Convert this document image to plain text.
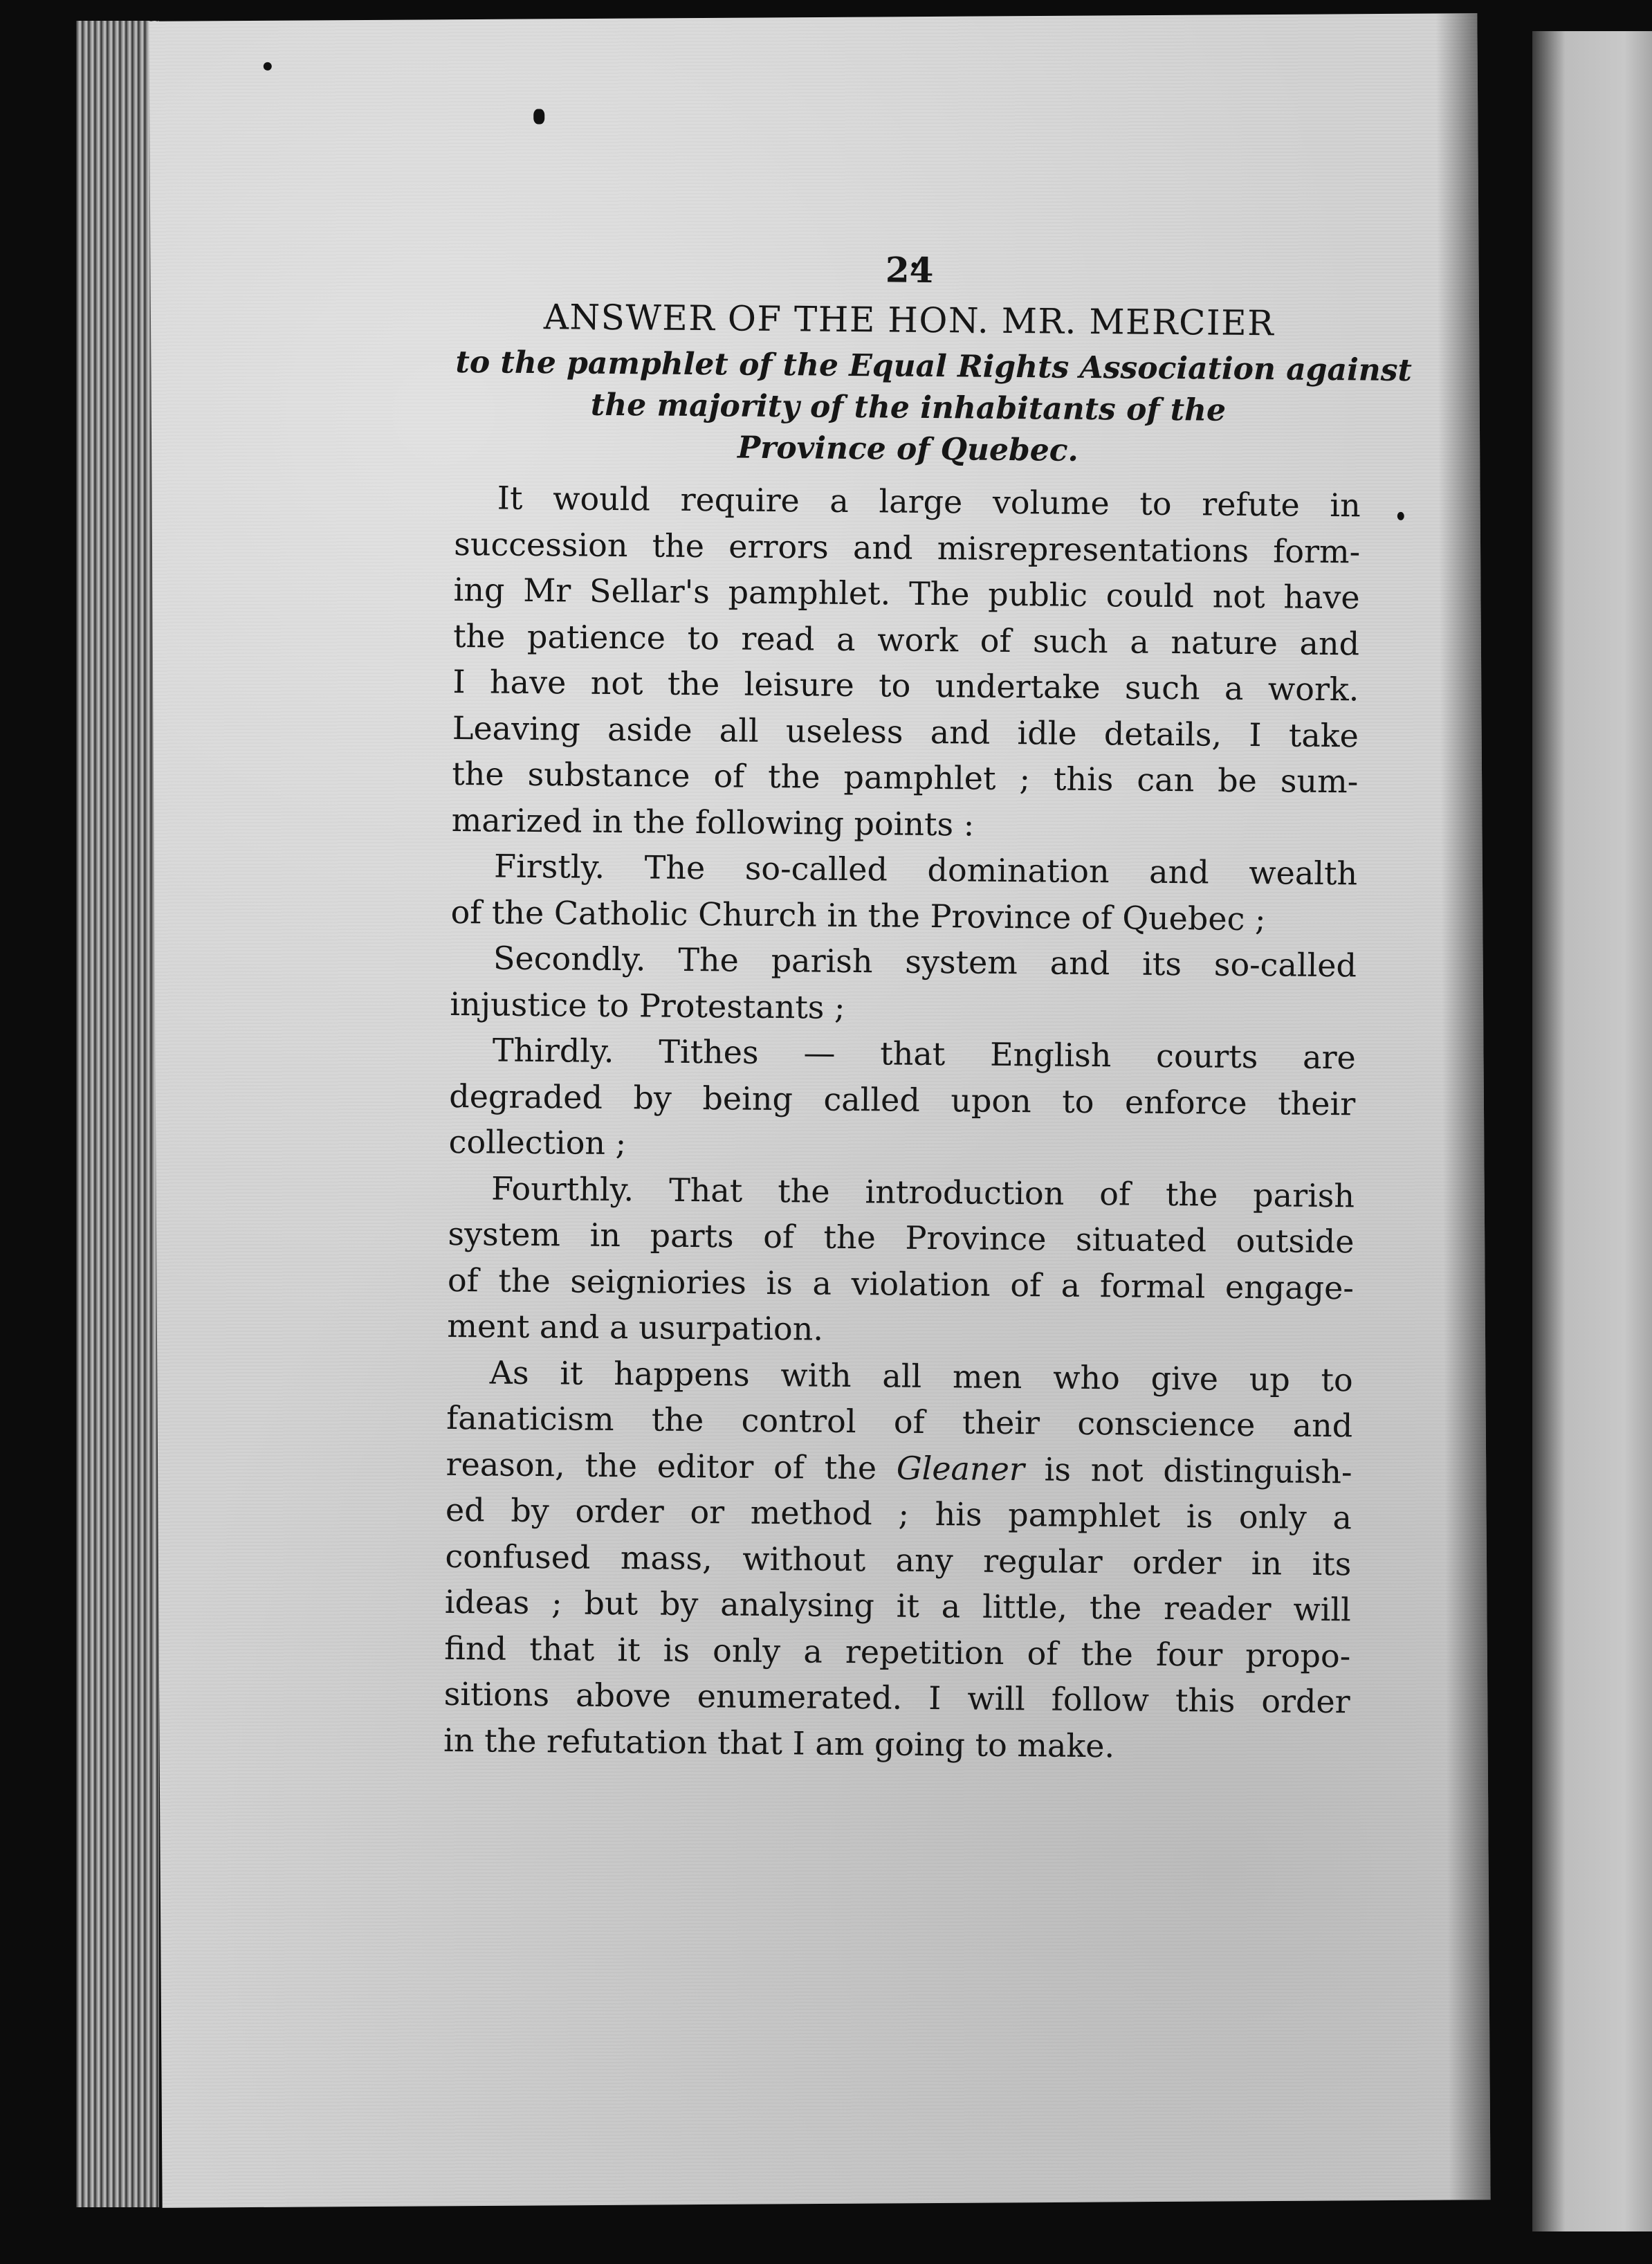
24
ANSWER OF THE HON. MR. MERCIER
to the pamphlet of the Equal Rights Association against
the majority of the inhabitants of the
Province of Quebec.

It would require a large volume to refute in
succession the errors and misrepresentations form-
ing Mr Sellar's pamphlet. The public could not have
the patience to read a work of such a nature and
I have not the leisure to undertake such a work.
Leaving aside all useless and idle details, I take
the substance of the pamphlet ; this can be sum-
marized in the following points :

Firstly. The so-called domination and wealth
of the Catholic Church in the Province of Quebec ;

Secondly. The parish system and its so-called
injustice to Protestants ;

Thirdly. Tithes — that English courts are
degraded by being called upon to enforce their
collection ;

Fourthly. That the introduction of the parish
system in parts of the Province situated outside
of the seigniories is a violation of a formal engage-
ment and a usurpation.

As it happens with all men who give up to
fanaticism the control of their conscience and
reason, the editor of the Gleaner is not distinguish-
ed by order or method ; his pamphlet is only a
confused mass, without any regular order in its
ideas ; but by analysing it a little, the reader will
find that it is only a repetition of the four propo-
sitions above enumerated. I will follow this order
in the refutation that I am going to make.
